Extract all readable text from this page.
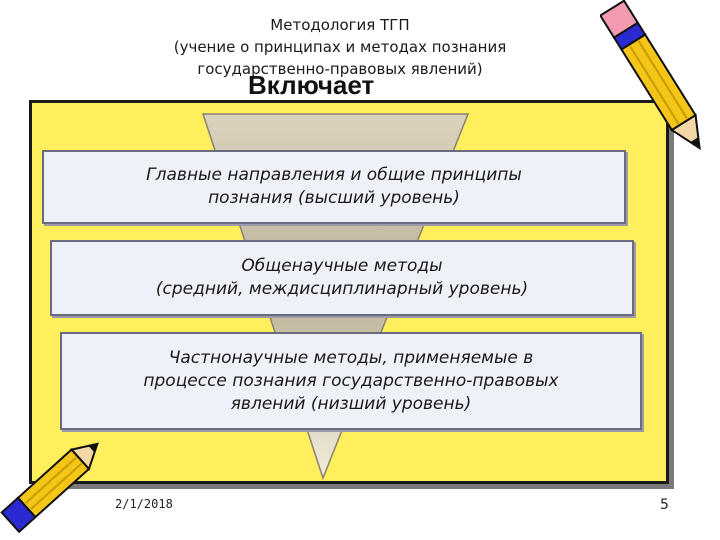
Методология ТГП
(учение о принципах и методах познания
государственно-правовых явлений)
Включает
Главные направления и общие принципы
познания (высший уровень)
Общенаучные методы
(средний, междисциплинарный уровень)
Частнонаучные методы, применяемые в
процессе познания государственно-правовых
явлений (низший уровень)
2/1/2018	5
